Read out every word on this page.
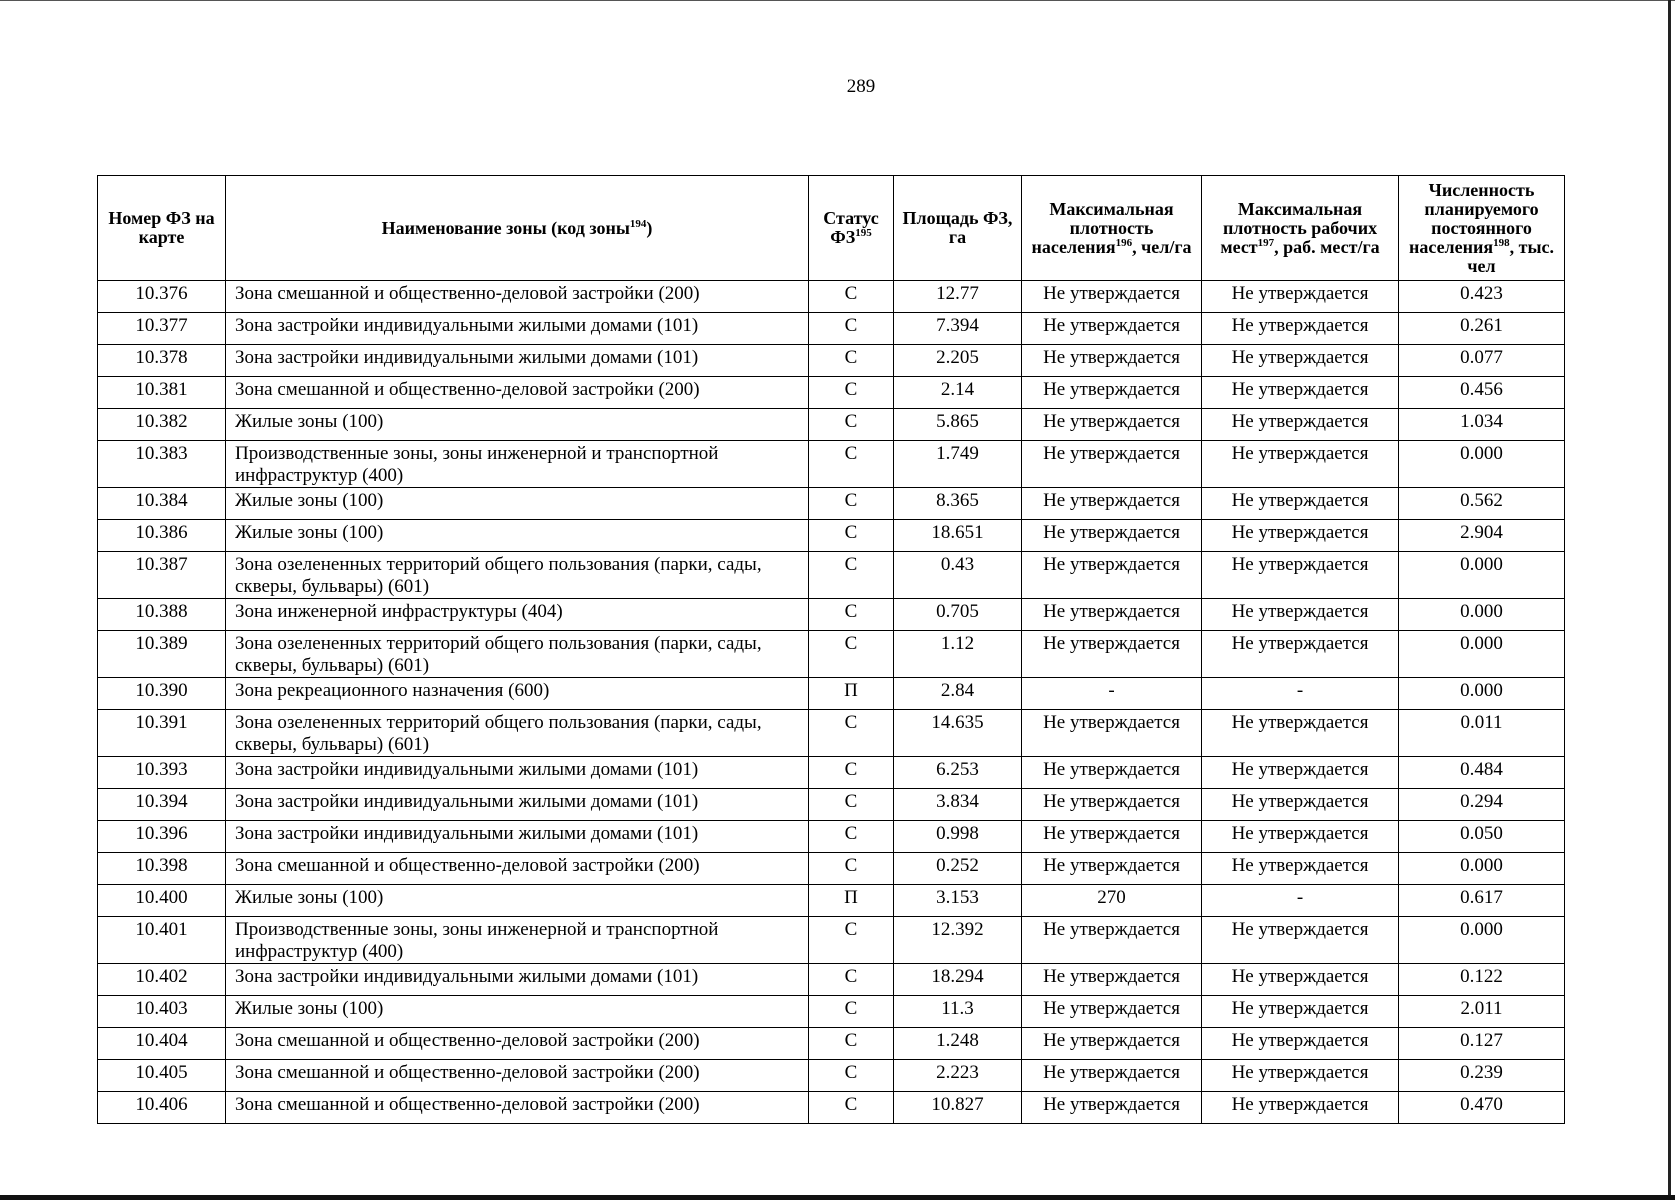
289
Номер ФЗ на карте	Наименование зоны (код зоны$^{194}$)	Статус ФЗ$^{195}$	Площадь ФЗ, га	Максимальная плотность населения$^{196}$, чел/га	Максимальная плотность рабочих мест$^{197}$, раб. мест/га	Численность планируемого постоянного населения$^{198}$, тыс. чел
10.376	Зона смешанной и общественно-деловой застройки (200)	С	12.77	Не утверждается	Не утверждается	0.423
10.377	Зона застройки индивидуальными жилыми домами (101)	С	7.394	Не утверждается	Не утверждается	0.261
10.378	Зона застройки индивидуальными жилыми домами (101)	С	2.205	Не утверждается	Не утверждается	0.077
10.381	Зона смешанной и общественно-деловой застройки (200)	С	2.14	Не утверждается	Не утверждается	0.456
10.382	Жилые зоны (100)	С	5.865	Не утверждается	Не утверждается	1.034
10.383	Производственные зоны, зоны инженерной и транспортной инфраструктур (400)	С	1.749	Не утверждается	Не утверждается	0.000
10.384	Жилые зоны (100)	С	8.365	Не утверждается	Не утверждается	0.562
10.386	Жилые зоны (100)	С	18.651	Не утверждается	Не утверждается	2.904
10.387	Зона озелененных территорий общего пользования (парки, сады, скверы, бульвары) (601)	С	0.43	Не утверждается	Не утверждается	0.000
10.388	Зона инженерной инфраструктуры (404)	С	0.705	Не утверждается	Не утверждается	0.000
10.389	Зона озелененных территорий общего пользования (парки, сады, скверы, бульвары) (601)	С	1.12	Не утверждается	Не утверждается	0.000
10.390	Зона рекреационного назначения (600)	П	2.84	-	-	0.000
10.391	Зона озелененных территорий общего пользования (парки, сады, скверы, бульвары) (601)	С	14.635	Не утверждается	Не утверждается	0.011
10.393	Зона застройки индивидуальными жилыми домами (101)	С	6.253	Не утверждается	Не утверждается	0.484
10.394	Зона застройки индивидуальными жилыми домами (101)	С	3.834	Не утверждается	Не утверждается	0.294
10.396	Зона застройки индивидуальными жилыми домами (101)	С	0.998	Не утверждается	Не утверждается	0.050
10.398	Зона смешанной и общественно-деловой застройки (200)	С	0.252	Не утверждается	Не утверждается	0.000
10.400	Жилые зоны (100)	П	3.153	270	-	0.617
10.401	Производственные зоны, зоны инженерной и транспортной инфраструктур (400)	С	12.392	Не утверждается	Не утверждается	0.000
10.402	Зона застройки индивидуальными жилыми домами (101)	С	18.294	Не утверждается	Не утверждается	0.122
10.403	Жилые зоны (100)	С	11.3	Не утверждается	Не утверждается	2.011
10.404	Зона смешанной и общественно-деловой застройки (200)	С	1.248	Не утверждается	Не утверждается	0.127
10.405	Зона смешанной и общественно-деловой застройки (200)	С	2.223	Не утверждается	Не утверждается	0.239
10.406	Зона смешанной и общественно-деловой застройки (200)	С	10.827	Не утверждается	Не утверждается	0.470
